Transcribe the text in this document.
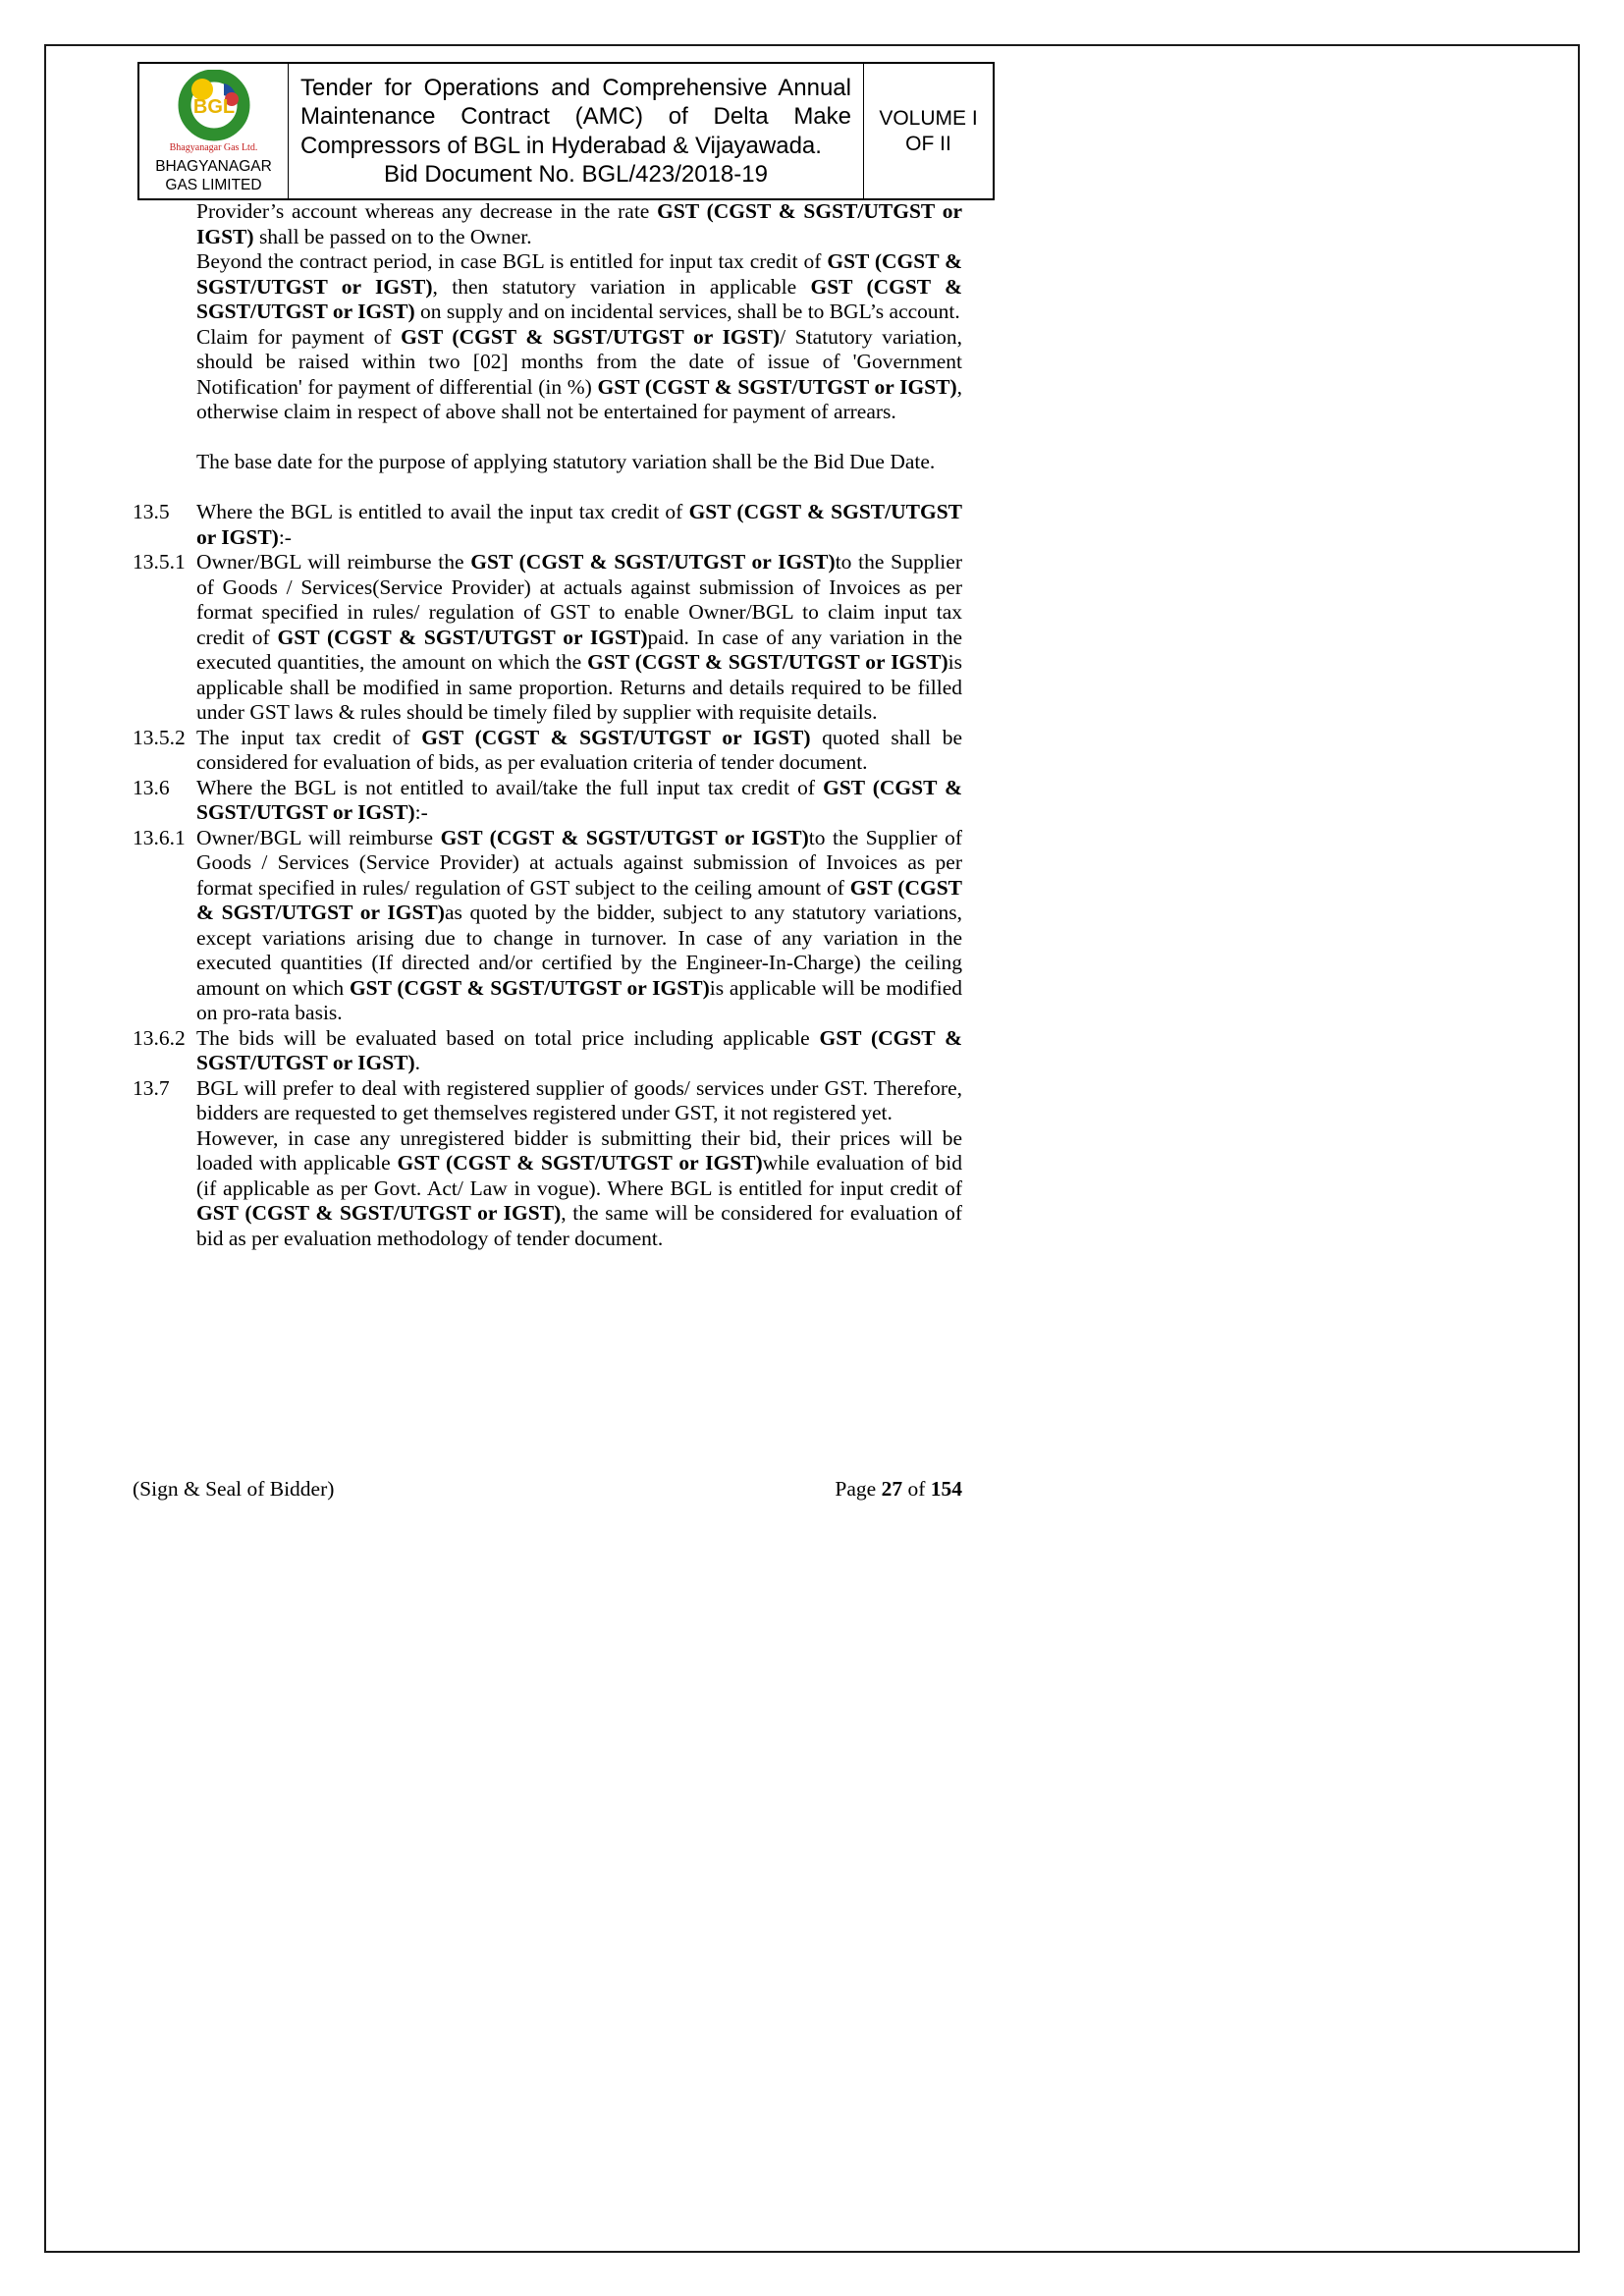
BGL
Bhagyanagar Gas Ltd.
BHAGYANAGAR GAS LIMITED
Tender for Operations and Comprehensive Annual Maintenance Contract (AMC) of Delta Make Compressors of BGL in Hyderabad & Vijayawada.
Bid Document No. BGL/423/2018-19
VOLUME I
OF II
Provider’s account whereas any decrease in the rate GST (CGST & SGST/UTGST or IGST) shall be passed on to the Owner.
Beyond the contract period, in case BGL is entitled for input tax credit of GST (CGST & SGST/UTGST or IGST), then statutory variation in applicable GST (CGST & SGST/UTGST or IGST) on supply and on incidental services, shall be to BGL’s account.
Claim for payment of GST (CGST & SGST/UTGST or IGST)/ Statutory variation, should be raised within two [02] months from the date of issue of 'Government Notification' for payment of differential (in %) GST (CGST & SGST/UTGST or IGST), otherwise claim in respect of above shall not be entertained for payment of arrears.
The base date for the purpose of applying statutory variation shall be the Bid Due Date.
13.5	Where the BGL is entitled to avail the input tax credit of GST (CGST & SGST/UTGST or IGST):-
13.5.1 Owner/BGL will reimburse the GST (CGST & SGST/UTGST or IGST)to the Supplier of Goods / Services(Service Provider) at actuals against submission of Invoices as per format specified in rules/ regulation of GST to enable Owner/BGL to claim input tax credit of GST (CGST & SGST/UTGST or IGST)paid. In case of any variation in the executed quantities, the amount on which the GST (CGST & SGST/UTGST or IGST)is applicable shall be modified in same proportion. Returns and details required to be filled under GST laws & rules should be timely filed by supplier with requisite details.
13.5.2 The input tax credit of GST (CGST & SGST/UTGST or IGST) quoted shall be considered for evaluation of bids, as per evaluation criteria of tender document.
13.6	Where the BGL is not entitled to avail/take the full input tax credit of GST (CGST & SGST/UTGST or IGST):-
13.6.1 Owner/BGL will reimburse GST (CGST & SGST/UTGST or IGST)to the Supplier of Goods / Services (Service Provider) at actuals against submission of Invoices as per format specified in rules/ regulation of GST subject to the ceiling amount of GST (CGST & SGST/UTGST or IGST)as quoted by the bidder, subject to any statutory variations, except variations arising due to change in turnover. In case of any variation in the executed quantities (If directed and/or certified by the Engineer-In-Charge) the ceiling amount on which GST (CGST & SGST/UTGST or IGST)is applicable will be modified on pro-rata basis.
13.6.2 The bids will be evaluated based on total price including applicable GST (CGST & SGST/UTGST or IGST).
13.7	BGL will prefer to deal with registered supplier of goods/ services under GST. Therefore, bidders are requested to get themselves registered under GST, it not registered yet.
However, in case any unregistered bidder is submitting their bid, their prices will be loaded with applicable GST (CGST & SGST/UTGST or IGST)while evaluation of bid (if applicable as per Govt. Act/ Law in vogue). Where BGL is entitled for input credit of GST (CGST & SGST/UTGST or IGST), the same will be considered for evaluation of bid as per evaluation methodology of tender document.
(Sign & Seal of Bidder)	Page 27 of 154
